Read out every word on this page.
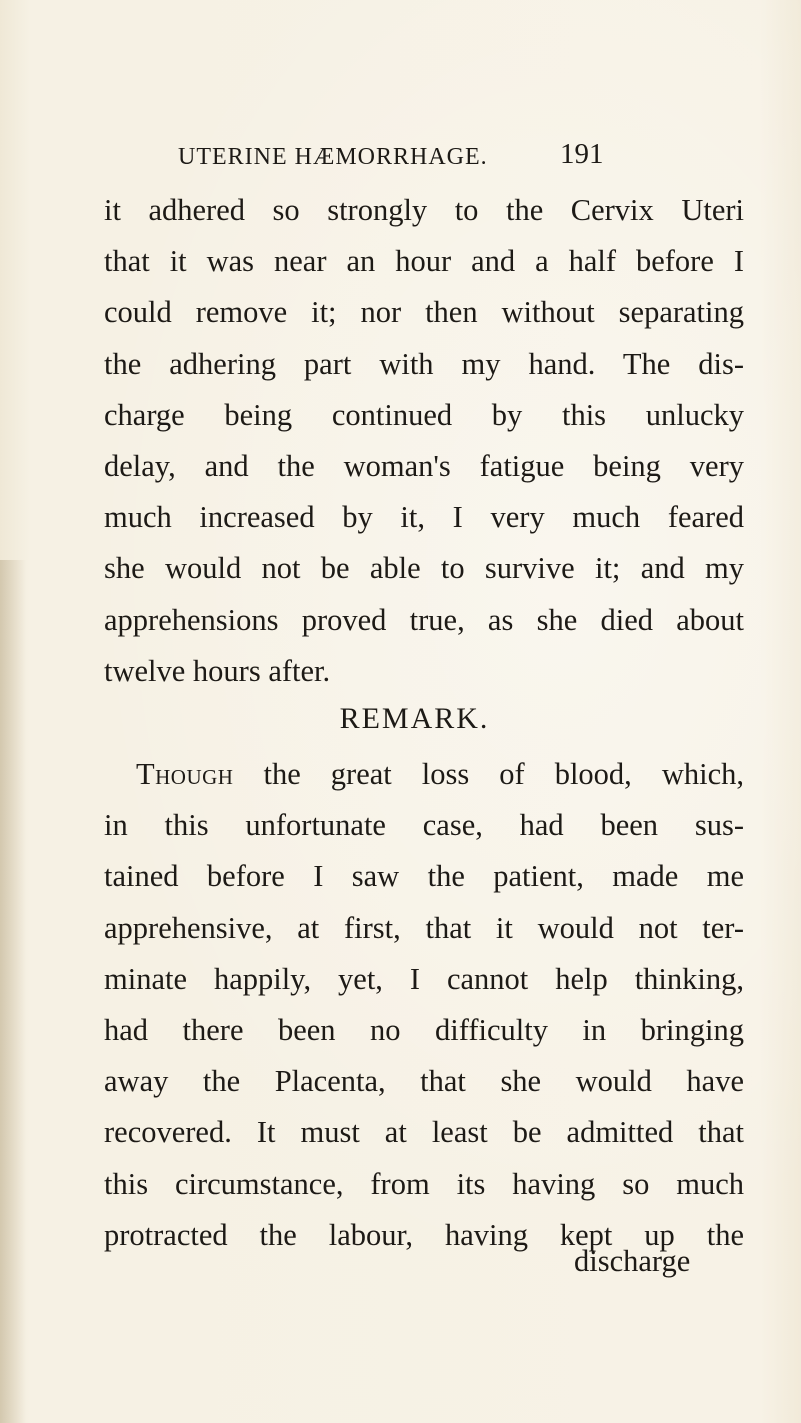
UTERINE HÆMORRHAGE. 191
it adhered so strongly to the Cervix Uteri
that it was near an hour and a half before I
could remove it; nor then without separating
the adhering part with my hand. The dis-
charge being continued by this unlucky
delay, and the woman's fatigue being very
much increased by it, I very much feared
she would not be able to survive it; and my
apprehensions proved true, as she died about
twelve hours after.
REMARK.
Though the great loss of blood, which,
in this unfortunate case, had been sus-
tained before I saw the patient, made me
apprehensive, at first, that it would not ter-
minate happily, yet, I cannot help thinking,
had there been no difficulty in bringing
away the Placenta, that she would have
recovered. It must at least be admitted that
this circumstance, from its having so much
protracted the labour, having kept up the
discharge
